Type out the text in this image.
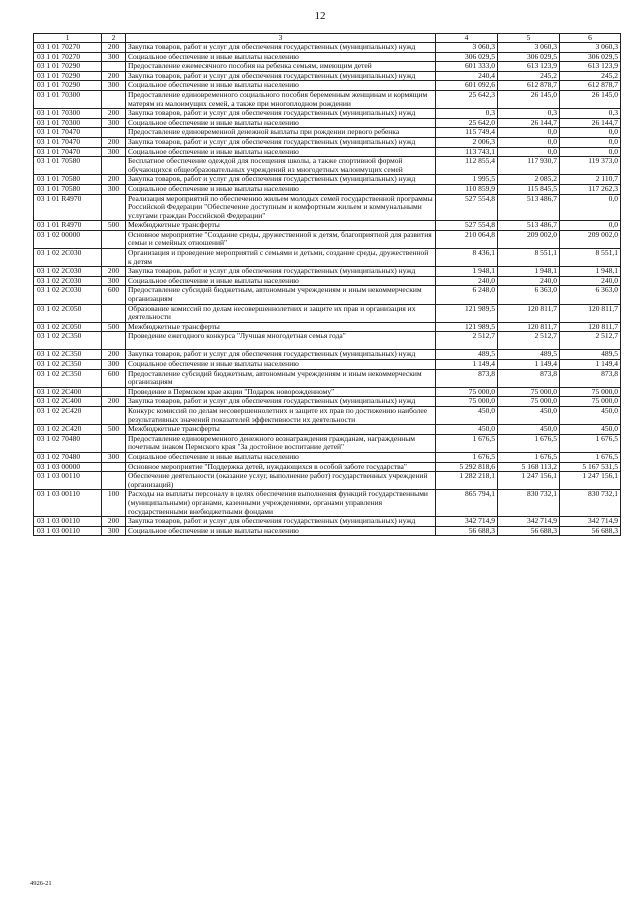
12
1	2	3	4	5	6
03 1 01 70270	200	Закупка товаров, работ и услуг для обеспечения государственных (муниципальных) нужд	3 060,3	3 060,3	3 060,3
03 1 01 70270	300	Социальное обеспечение и иные выплаты населению	306 029,5	306 029,5	306 029,5
03 1 01 70290		Предоставление ежемесячного пособия на ребенка семьям, имеющим детей	601 333,0	613 123,9	613 123,9
03 1 01 70290	200	Закупка товаров, работ и услуг для обеспечения государственных (муниципальных) нужд	240,4	245,2	245,2
03 1 01 70290	300	Социальное обеспечение и иные выплаты населению	601 092,6	612 878,7	612 878,7
03 1 01 70300		Предоставление единовременного социального пособия беременным женщинам и кормящим матерям из малоимущих семей, а также при многоплодном рождении	25 642,3	26 145,0	26 145,0
03 1 01 70300	200	Закупка товаров, работ и услуг для обеспечения государственных (муниципальных) нужд	0,3	0,3	0,3
03 1 01 70300	300	Социальное обеспечение и иные выплаты населению	25 642,0	26 144,7	26 144,7
03 1 01 70470		Предоставление единовременной денежной выплаты при рождении первого ребенка	115 749,4	0,0	0,0
03 1 01 70470	200	Закупка товаров, работ и услуг для обеспечения государственных (муниципальных) нужд	2 006,3	0,0	0,0
03 1 01 70470	300	Социальное обеспечение и иные выплаты населению	113 743,1	0,0	0,0
03 1 01 70580		Бесплатное обеспечение одеждой для посещения школы, а также спортивной формой обучающихся общеобразовательных учреждений из многодетных малоимущих семей	112 855,4	117 930,7	119 373,0
03 1 01 70580	200	Закупка товаров, работ и услуг для обеспечения государственных (муниципальных) нужд	1 995,5	2 085,2	2 110,7
03 1 01 70580	300	Социальное обеспечение и иные выплаты населению	110 859,9	115 845,5	117 262,3
03 1 01 R4970		Реализация мероприятий по обеспечению жильем молодых семей государственной программы Российской Федерации "Обеспечение доступным и комфортным жильем и коммунальными услугами граждан Российской Федерации"	527 554,8	513 486,7	0,0
03 1 01 R4970	500	Межбюджетные трансферты	527 554,8	513 486,7	0,0
03 1 02 00000		Основное мероприятие "Создание среды, дружественной к детям, благоприятной для развития семьи и семейных отношений"	210 064,8	209 002,0	209 002,0
03 1 02 2C030		Организация и проведение мероприятий с семьями и детьми, создание среды, дружественной к детям	8 436,1	8 551,1	8 551,1
03 1 02 2C030	200	Закупка товаров, работ и услуг для обеспечения государственных (муниципальных) нужд	1 948,1	1 948,1	1 948,1
03 1 02 2C030	300	Социальное обеспечение и иные выплаты населению	240,0	240,0	240,0
03 1 02 2C030	600	Предоставление субсидий бюджетным, автономным учреждениям и иным некоммерческим организациям	6 248,0	6 363,0	6 363,0
03 1 02 2C050		Образование комиссий по делам несовершеннолетних и защите их прав и организация их деятельности	121 989,5	120 811,7	120 811,7
03 1 02 2C050	500	Межбюджетные трансферты	121 989,5	120 811,7	120 811,7
03 1 02 2C350		Проведение ежегодного конкурса "Лучшая многодетная семья года"	2 512,7	2 512,7	2 512,7
03 1 02 2C350	200	Закупка товаров, работ и услуг для обеспечения государственных (муниципальных) нужд	489,5	489,5	489,5
03 1 02 2C350	300	Социальное обеспечение и иные выплаты населению	1 149,4	1 149,4	1 149,4
03 1 02 2C350	600	Предоставление субсидий бюджетным, автономным учреждениям и иным некоммерческим организациям	873,8	873,8	873,8
03 1 02 2C400		Проведение в Пермском крае акции "Подарок новорожденному"	75 000,0	75 000,0	75 000,0
03 1 02 2C400	200	Закупка товаров, работ и услуг для обеспечения государственных (муниципальных) нужд	75 000,0	75 000,0	75 000,0
03 1 02 2C420		Конкурс комиссий по делам несовершеннолетних и защите их прав по достижению наиболее результативных значений показателей эффективности их деятельности	450,0	450,0	450,0
03 1 02 2C420	500	Межбюджетные трансферты	450,0	450,0	450,0
03 1 02 70480		Предоставление единовременного денежного вознаграждения гражданам, награжденным почетным знаком Пермского края "За достойное воспитание детей"	1 676,5	1 676,5	1 676,5
03 1 02 70480	300	Социальное обеспечение и иные выплаты населению	1 676,5	1 676,5	1 676,5
03 1 03 00000		Основное мероприятие "Поддержка детей, нуждающихся в особой заботе государства"	5 292 818,6	5 168 113,2	5 167 531,5
03 1 03 00110		Обеспечение деятельности (оказание услуг, выполнение работ) государственных учреждений (организаций)	1 282 218,1	1 247 156,1	1 247 156,1
03 1 03 00110	100	Расходы на выплаты персоналу в целях обеспечения выполнения функций государственными (муниципальными) органами, казенными учреждениями, органами управления государственными внебюджетными фондами	865 794,1	830 732,1	830 732,1
03 1 03 00110	200	Закупка товаров, работ и услуг для обеспечения государственных (муниципальных) нужд	342 714,9	342 714,9	342 714,9
03 1 03 00110	300	Социальное обеспечение и иные выплаты населению	56 688,3	56 688,3	56 688,3
4926-21
